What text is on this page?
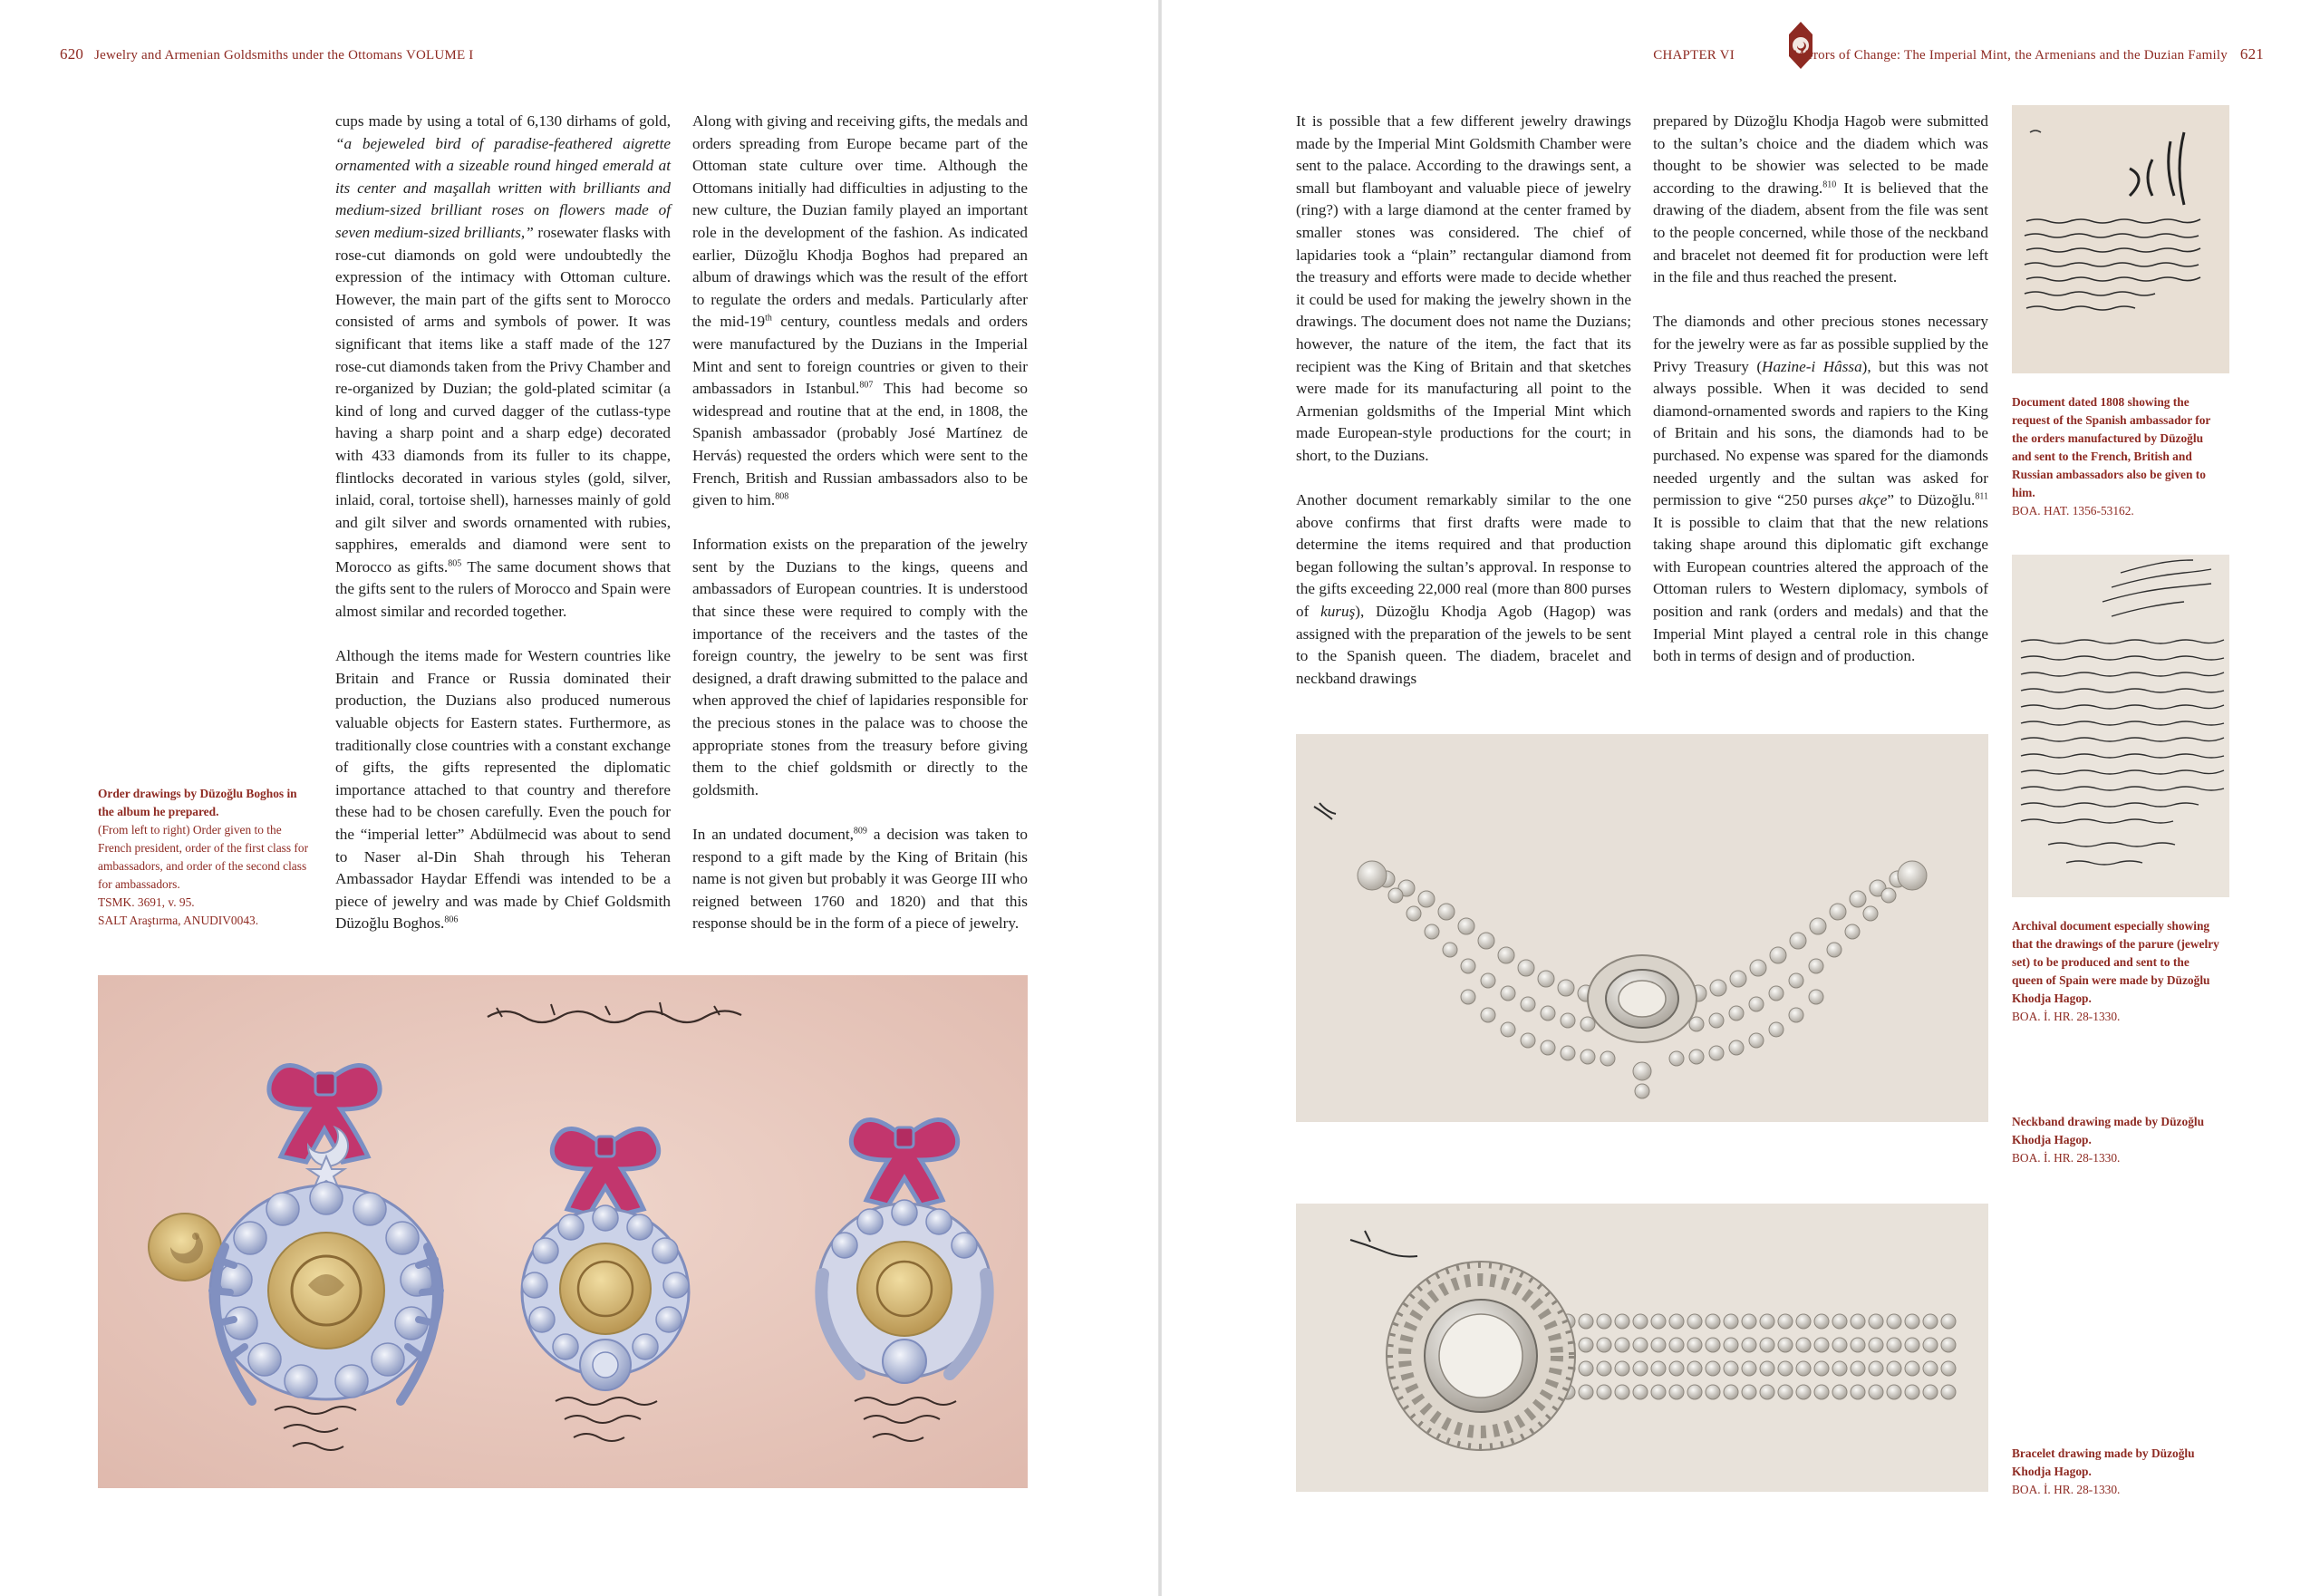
620 Jewelry and Armenian Goldsmiths under the Ottomans VOLUME I

cups made by using a total of 6,130 dirhams of gold, “a bejeweled bird of paradise-feathered aigrette ornamented with a sizeable round hinged emerald at its center and maşallah written with brilliants and medium-sized brilliant roses on flowers made of seven medium-sized brilliants,” rosewater flasks with rose-cut diamonds on gold were undoubtedly the expression of the intimacy with Ottoman culture. However, the main part of the gifts sent to Morocco consisted of arms and symbols of power. It was significant that items like a staff made of the 127 rose-cut diamonds taken from the Privy Chamber and re-organized by Duzian; the gold-plated scimitar (a kind of long and curved dagger of the cutlass-type having a sharp point and a sharp edge) decorated with 433 diamonds from its fuller to its chappe, flintlocks decorated in various styles (gold, silver, inlaid, coral, tortoise shell), harnesses mainly of gold and gilt silver and swords ornamented with rubies, sapphires, emeralds and diamond were sent to Morocco as gifts.$^{805}$ The same document shows that the gifts sent to the rulers of Morocco and Spain were almost similar and recorded together.

Although the items made for Western countries like Britain and France or Russia dominated their production, the Duzians also produced numerous valuable objects for Eastern states. Furthermore, as traditionally close countries with a constant exchange of gifts, the gifts represented the diplomatic importance attached to that country and therefore these had to be chosen carefully. Even the pouch for the “imperial letter” Abdülmecid was about to send to Naser al-Din Shah through his Teheran Ambassador Haydar Effendi was intended to be a piece of jewelry and was made by Chief Goldsmith Düzoğlu Boghos.$^{806}$

Along with giving and receiving gifts, the medals and orders spreading from Europe became part of the Ottoman state culture over time. Although the Ottomans initially had difficulties in adjusting to the new culture, the Duzian family played an important role in the development of the fashion. As indicated earlier, Düzoğlu Khodja Boghos had prepared an album of drawings which was the result of the effort to regulate the orders and medals. Particularly after the mid-19th century, countless medals and orders were manufactured by the Duzians in the Imperial Mint and sent to foreign countries or given to their ambassadors in Istanbul.$^{807}$ This had become so widespread and routine that at the end, in 1808, the Spanish ambassador (probably José Martínez de Hervás) requested the orders which were sent to the French, British and Russian ambassadors also to be given to him.$^{808}$

Information exists on the preparation of the jewelry sent by the Duzians to the kings, queens and ambassadors of European countries. It is understood that since these were required to comply with the importance of the receivers and the tastes of the foreign country, the jewelry to be sent was first designed, a draft drawing submitted to the palace and when approved the chief of lapidaries responsible for the precious stones in the palace was to choose the appropriate stones from the treasury before giving them to the chief goldsmith or directly to the goldsmith.

In an undated document,$^{809}$ a decision was taken to respond to a gift made by the King of Britain (his name is not given but probably it was George III who reigned between 1760 and 1820) and that this response should be in the form of a piece of jewelry.

Order drawings by Düzoğlu Boghos in the album he prepared.
(From left to right) Order given to the French president, order of the first class for ambassadors, and order of the second class for ambassadors.
TSMK. 3691, v. 95.
SALT Araştırma, ANUDIV0043.
CHAPTER VI	Mirrors of Change: The Imperial Mint, the Armenians and the Duzian Family 621

It is possible that a few different jewelry drawings made by the Imperial Mint Goldsmith Chamber were sent to the palace. According to the drawings sent, a small but flamboyant and valuable piece of jewelry (ring?) with a large diamond at the center framed by smaller stones was considered. The chief of lapidaries took a “plain” rectangular diamond from the treasury and efforts were made to decide whether it could be used for making the jewelry shown in the drawings. The document does not name the Duzians; however, the nature of the item, the fact that its recipient was the King of Britain and that sketches were made for its manufacturing all point to the Armenian goldsmiths of the Imperial Mint which made European-style productions for the court; in short, to the Duzians.

Another document remarkably similar to the one above confirms that first drafts were made to determine the items required and that production began following the sultan’s approval. In response to the gifts exceeding 22,000 real (more than 800 purses of kuruş), Düzoğlu Khodja Agob (Hagop) was assigned with the preparation of the jewels to be sent to the Spanish queen. The diadem, bracelet and neckband drawings

prepared by Düzoğlu Khodja Hagob were submitted to the sultan’s choice and the diadem which was thought to be showier was selected to be made according to the drawing.$^{810}$ It is believed that the drawing of the diadem, absent from the file was sent to the people concerned, while those of the neckband and bracelet not deemed fit for production were left in the file and thus reached the present.

The diamonds and other precious stones necessary for the jewelry were as far as possible supplied by the Privy Treasury (Hazine-i Hâssa), but this was not always possible. When it was decided to send diamond-ornamented swords and rapiers to the King of Britain and his sons, the diamonds had to be purchased. No expense was spared for the diamonds needed urgently and the sultan was asked for permission to give “250 purses akçe” to Düzoğlu.$^{811}$ It is possible to claim that that the new relations taking shape around this diplomatic gift exchange with European countries altered the approach of the Ottoman rulers to Western diplomacy, symbols of position and rank (orders and medals) and that the Imperial Mint played a central role in this change both in terms of design and of production.

Document dated 1808 showing the request of the Spanish ambassador for the orders manufactured by Düzoğlu and sent to the French, British and Russian ambassadors also be given to him.
BOA. HAT. 1356-53162.
Archival document especially showing that the drawings of the parure (jewelry set) to be produced and sent to the queen of Spain were made by Düzoğlu Khodja Hagop.
BOA. İ. HR. 28-1330.
Neckband drawing made by Düzoğlu Khodja Hagop.
BOA. İ. HR. 28-1330.
Bracelet drawing made by Düzoğlu Khodja Hagop.
BOA. İ. HR. 28-1330.
